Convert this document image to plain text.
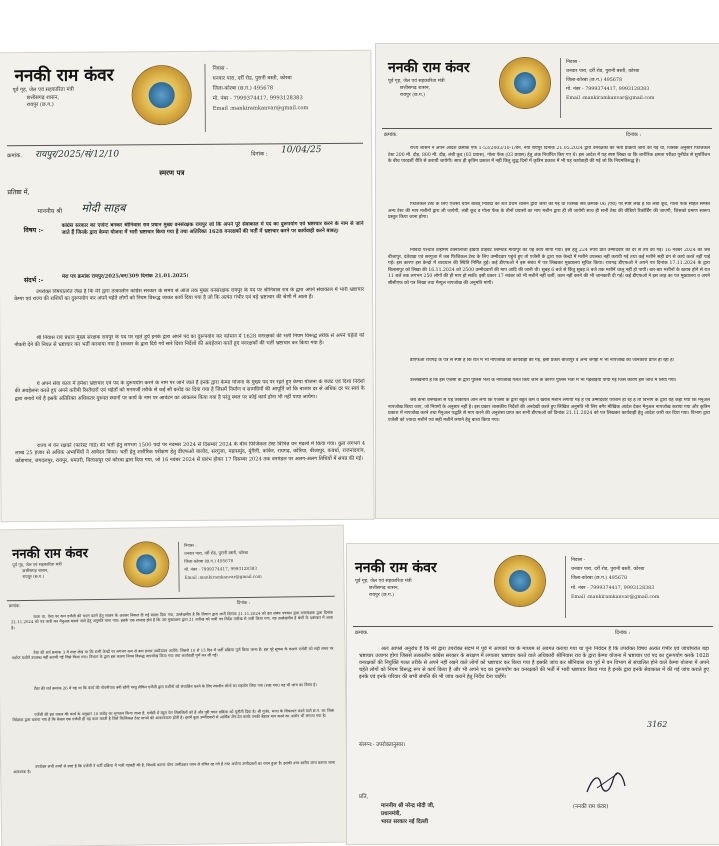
ननकी राम कंवर
पूर्व गृह, जेल एवं सहकारिता मंत्री
छत्तीसगढ़ शासन,
रायपुर (छ.ग.)
निवास -
धनवार पारा, दर्री रोड, पुरानी बस्ती, कोरबा
जिला-कोरबा (छ.ग.) 495678
मो. नंबर - 7999374417, 9993128383
Email :mankiramkanvar@gmail.com
क्रमांक. रायपुर/2025/सं/12/10	दिनांक : 10/04/25
स्मरण पत्र
प्रतिष्ठा में,
माननीय श्री मोदी साहब
विषय :-
कांग्रेस सरकार का एजेन्ट बनकर श्रीनिवास राव प्रधान मुख्य वनसंरक्षक रायपुर जो कि अपने पूरे सेवाकाल में पद का दुरूपयोग एवं भ्रष्टाचार करने के नाम से जाने जाते हैं जिनके द्वारा केम्पा योजना में भारी भ्रष्टाचार किया गया है तथा अतिरिक्त 1628 वनरक्षकों की भर्ती में भ्रष्टाचार करने पर कार्यवाही करने बाबत्।
संदर्भ :-	मेरा पत्र क्रमांक रायपुर/2025/वन/309 दिनांक 21.01.2025।
उपरोक्त विषयांतर्गत लेख है कि मेरे द्वारा तत्कालीन कांग्रेस सरकार के समय से आज तक मुख्य वनसंरक्षक रायपुर के पद पर श्रीनिवास राव के द्वारा अपने सेवाकाल में भारी भ्रष्टाचार केम्पा एवं राज्य की राशियों का दुरूपयोग कर अपने चहेते लोगों को नियम विरूद्ध जाकर कार्य दिया गया है जो कि अत्यंत गंभीर एवं बड़े भ्रष्टाचार की श्रेणी में आता है।
श्री निवास राव प्रधान मुख्य संरक्षक रायपुर के पद पर रहते हुये इनके द्वारा अपने पद का दुरूपयोग कर वर्तमान में 1628 वनरक्षकों की भर्ती नियम विरूद्ध तरीके से अपने चहेतों को नौकरी देने की नियत से भ्रष्टाचार कर भर्ती करवाया गया है सरकार के द्वारा दिये गये सारे दिशा निर्देशों की अवहेलना करते हुए वनरक्षकों की भर्ती भ्रष्टाचार कर किया गया है।
ये अपने सेवा काल में हमेशा भ्रष्टाचार एवं पद के दुरूपयोग करने के नाम पर जाने जाते हैं इनके द्वारा केम्पा योजना के मुख्य पद पर रहते हुए केम्पा योजना के बजट एवं दिशा निर्देशों की अवहेलना करते हुए अपने करीबी रिश्तेदारों एवं चहेतों को मनमर्जी तरीके से कई सौ करोड़ का दिया गया है जिसमें निर्माण व सामग्रियों की आपूर्ति जो कि बाजार दर से अधिक दर पर स्वयं के द्वारा बनाये गये है इसके अतिरिक्त अधिकतर दुरूस्त स्थानों पर कार्य के नाम पर आवंटन का आकलन किया गया है परंतु स्थल पर कोई कार्य होना भी नहीं पाया जायेगा।
राज्य में वन रक्षकों (फारेस्ट गार्ड) की भर्ती हेतु लगभग 1500 पदों पर नवम्बर 2024 से दिसम्बर 2024 के बीच फिजिकल टेस्ट विभिन्न वन मंडलों में किया गया। कुल लगभग 4 लाख 25 हजार से अधिक अभ्यर्थियों ने आवेदन किया। भर्ती हेतु शारीरिक परीक्षण हेतु डीएफओ बालोद, सरगुजा, महासमुंद, मुंगेली, कांकेर, रायगढ़, कोरिया, बीजापुर, कवर्धा, राजनांदगांव, कोंडागांव, जगदलपुर, रायपुर, धमतरी, बिलासपुर एवं कोरबा द्वारा दिया गया, जो 16 नवंबर 2024 से प्रारंभ होकर 17 दिसम्बर 2024 तक वनमंडल पर अलग-अलग तिथियों में संपन्न की गई।
ननकी राम कंवर
पूर्व गृह, जेल एवं सहकारिता मंत्री
छत्तीसगढ़ शासन,
रायपुर (छ.ग.)
निवास -
धनवार पारा, दर्री रोड, पुरानी बस्ती, कोरबा
जिला-कोरबा (छ.ग.) 495678
मो. नंबर - 7999374417, 9993128383
Email :mankiramkanvar@gmail.com
क्रमांक.	दिनांक :
राज्य शासन ने अपने आदेश क्रमांक एफ 1-53/2003/10-1/वन, नया रायपुर दिनांक 21.05.2024 द्वारा वनरक्षकों की भर्ती प्रक्रिया जारी की गई थी, जिसके अनुसार फिजिकल टेस्ट 200 मी. दौड़, 800 मी. दौड़, लंबी कूद (03 प्रयास), गोला फेंक (03 प्रयास) हेतु अंक निर्धारित किए गए थे। इस आदेश में यह स्पष्ट लिखा था कि शारीरिक क्षमता परीक्षा यूनीटेड से सुपर्विजन के बीच पारदर्शी रीति से करायी जायेगी। साथ ही कृत्रिम प्रकाश में नहीं किंतु शुद्ध दिनों में कृत्रिम प्रकाश में भी यह कार्यवाही की गई जो कि नियमविरूद्ध है।
फिजिकल टेस्ट के लिए एजेंसी चयन बाबत् निविदा की शर्त प्रथम शासन द्वारा जारी की गई थी जिसके सर्व क्रमांक 06 (एच) पर स्पष्ट लेख है कि लंबी कूद, गोला फेंक सहित समस्त अन्य टेस्ट की माप मशीनों द्वारा ली जायेगी, लंबी कूद व गोला फेंक के तीनों प्रयासों का माप मशीन द्वारा ही ली जायेगी साथ ही सभी टेस्ट की वीडियो रिकॉर्डिंग की जाएगी, जिसको प्रमाण स्वरूप प्रस्तुत किया जाना होगा।
निविदा पश्चात टाइमिंग टेक्नोलॉजी इंडिया प्राइवेट लिमिटेड मायापुर को यह कार्य सौंपा गया। इस हेतु 224 रुपये प्रति उम्मीदवार की दर से तय की गई। 16 नवंबर 2024 को जब बीजापुर, दंतेवाड़ा एवं सरगुजा में जब फिजिकल टेस्ट के लिए उम्मीदवार पहुंचे हुए तो एजेंसी के द्वारा एक केन्द्रो में मशीने उपलब्ध नहीं करायी गई तथा कई मशीने सही ढंग से कार्य करते नहीं पाई गई। इस कारण इस केन्द्रो में व्यवधान की स्थिति निर्मित हुई। कई डीएफओ ने इस संबंध में पत्र लिखकर मुख्यालय सूचित किया। रायगढ़ डीएफओ ने अपने पत्र दिनांक 17.11.2024 के द्वारा बिलासपुर को लिखा की 16.11.2024 को 2500 उम्मीदवारों की माप आदि की जानी थी। सुबह 6 बजे से किंतु सुबह 8 बजे तक मशीनें चालू नहीं हो पायी। बार-बार मशीनों के खराब होने से रात 11 बजे तक लगभग 250 लोगों की ही माप हो सकी। इसी प्रकार 17 नवंबर को भी मशीनें नहीं चलीं, काम नहीं करने की भी जानकारी दी गई। कई डीएफओ ने इस तरह का पत्र मुख्यालय व अपने सीसीएफ को पत्र लिखा तथा मैन्युल नापजोख की अनुमति मांगी।
डीएफओ रायगढ़ के पत्र से स्पष्ट है कि रात में भी नापजोख की कार्यवाही की गई, इसी प्रकार बीजापुर व अन्य जगहों में भी नापजोख की जानकारी प्राप्त हो रही है।
उल्लेखनीय है कि इस एजेंसी के द्वारा पुलिस भर्ती के नापजोख गलत किये जाने के कारण पुलिस भर्ती में भी गड़बड़ियाँ पायी गई जिस कारण इसे जांच में लिया गया।
जब कभी वनमंडलों से यह शिकायत आने लगी कि एजेंसी के द्वारा बहुत कम व खराब मशीनें लगायी गई हैं एवं उम्मीदवार परेशान हो रहे हैं तो विभाग के द्वारा यह कहा गया कि मैनुअल नापजोख किया जाए, जो नियमों के अनुसार नहीं है। इस प्रकार शासकीय निर्देशों की अनदेखी करते हुए लिखित अनुमति भी लिए बगैर मौखिक आदेश देकर मैनुअल नापजोख कराया गया और कृत्रिम प्रकाश में नापजोख करने तथा मैनुअल पद्धति से माप करने की अनुशंसा प्राप्त कर सभी डीएफओ को दिनांक 21.11.2024 को पत्र लिखकर कार्यवाही हेतु आदेश जारी कर दिया गया। विभाग द्वारा एजेंसी को ज्यादा मशीनें एवं सही मशीनें लगाने हेतु बाध्य किया गया।
ननकी राम कंवर
पूर्व गृह, जेल एवं सहकारिता मंत्री
छत्तीसगढ़ शासन,
रायपुर (छ.ग.)
निवास -
धनवार पारा, दर्री रोड, पुरानी बस्ती, कोरबा
जिला-कोरबा (छ.ग.) 495678
मो. नंबर - 7999374417, 9993128383
Email :mankiramkanvar@gmail.com
क्रमांक.
दिनांक :
जाता था, ऐसा पर कम एजेंसी की चयन करने हेतु शासन के अवसर निकल दी गई बदला दिया गया, उल्लेखनीय है कि विभाग द्वारा जारी दिनांक 21.11.2024 को इस संबंध पत्रकार द्वारा वनसंरक्षक द्वारा दिनांक 21.11.2024 को पत्र जारी कर मैनुअल बनाये जाने हेतु अनुमति मांगा गया। इसके एक सप्ताह होने है कि उस मुख्यालय द्वारा 21 तारीख को जारी पत्र निर्देश तारीख से जारी किया गया, यह उल्लेखनीय है श्रेणी के भ्रष्टाचार में आता है।
टेस्ट की शर्त क्रमांक 3 में स्पष्ट लेख था कि सभी केन्द्रों पर लगभग कम से कम हजार उम्मीदवार आयेंगे। जिससे 10 से 15 दिन में भर्ती प्रक्रिया पूर्ण किया जाना है। इस पूरे सूचना के कारण एजेंसी को सही समय पर पर्याप्त मशीनें उपलब्ध नहीं करायी गई जिसे किया गया। विभाग के द्वारा इस कारण नियम विरूद्ध नापजोख किया गया तथा कार्यवाही पूर्ण कर ली गई।
टेंडर की शर्त क्रमांक 26 में यह था कि कार्य की गोपनीयता बनी रहेगी परंतु लेकिन एजेंसी द्वारा मशीनों को संचालित करने के लिए स्थानीय लोगों का सहयोग लिया गया (रखा गया) यह भी जांच का विषय है।
एजेंसी की इस प्रकार की कार्य के अनुसार 10 करोड़ का भुगतान किया जाना है, एजेंसी में बहुत फेर सिलसिलों को है और पूरी चयन प्रक्रिया को चुनौती दिया है। श्री गुर्जर, भगत के शिकायत करने वाले छ.ग. का जिला निदेशक द्वारा बताया गया है कि केवल एक एजेंसी ही यह काम करती है जिसे फिजिकल टेस्ट मापने की आवश्यकता होती है। इसमें कुछ उम्मीदवारों से आर्थिक लेन-देन करके उनकी बेहतर माप करने का आरोप भी लगाया गया है।
उपरोक्त सभी तथ्यों से स्पष्ट है कि एजेंसी ने भर्ती प्रक्रिया में भारी गड़बड़ी की है, जिसके कारण योग्य उम्मीदवार चयन से वंचित रह गये हैं तथा अयोग्य उम्मीदवारों का चयन हुआ है। इसकी उच्च स्तरीय जांच कराया जाना आवश्यक है।
ननकी राम कंवर
पूर्व गृह, जेल एवं सहकारिता मंत्री
छत्तीसगढ़ शासन,
रायपुर (छ.ग.)
निवास -
धनवार पारा, दर्री रोड, पुरानी बस्ती, कोरबा
जिला-कोरबा (छ.ग.) 495678
मो. नंबर - 7999374417, 9993128383
Email :mankiramkanvar@gmail.com
क्रमांक.	दिनांक :
अतः आपसे अनुरोध है कि मेरे द्वारा उपरोक्त संदर्भ में पूर्व में आपको पत्र के माध्यम से अवगत कराया गया था पुनः निवेदन है कि उपरोक्त विषय अत्यंत गंभीर एवं जांचोपरांत बड़ा भ्रष्टाचार उजागर होगा जिससे तत्कालीन कांग्रेस सरकार के सरंक्षण में लगातार भ्रष्टाचार करते वाले अधिकारी श्रीनिवास राव के द्वारा केम्पा योजना में भ्रष्टाचार एवं पद का दुरूपयोग करके 1628 वनरक्षकों की नियुक्ति गलत तरीके से अपने नहीं रखने वाले लोगों को भ्रष्टाचार कर किया गया है इसकी जांच कर श्रीनिवास राव पूर्व में वन विभाग से संचालित होने वाले केम्पा योजना में अपने चहेते लोगों को नियम विरूद्ध रूप से कार्य किया है और भी अपने पद का दुरूपयोग कर वनरक्षकों की भर्ती में भारी भ्रष्टाचार किया गया है इनके द्वारा इनके सेवाकाल में की गई जांच कराते हुए इनके एवं इनके परिवार की सभी संपत्ति की भी जांच कराने हेतु निर्देश देना चाहेंगे।
3162
संलग्न:- उपरोक्तानुसार।
(ननकी राम कंवर)
प्रति,
माननीय श्री नरेन्द्र मोदी जी,
प्रधानमंत्री,
भारत सरकार नई दिल्ली
